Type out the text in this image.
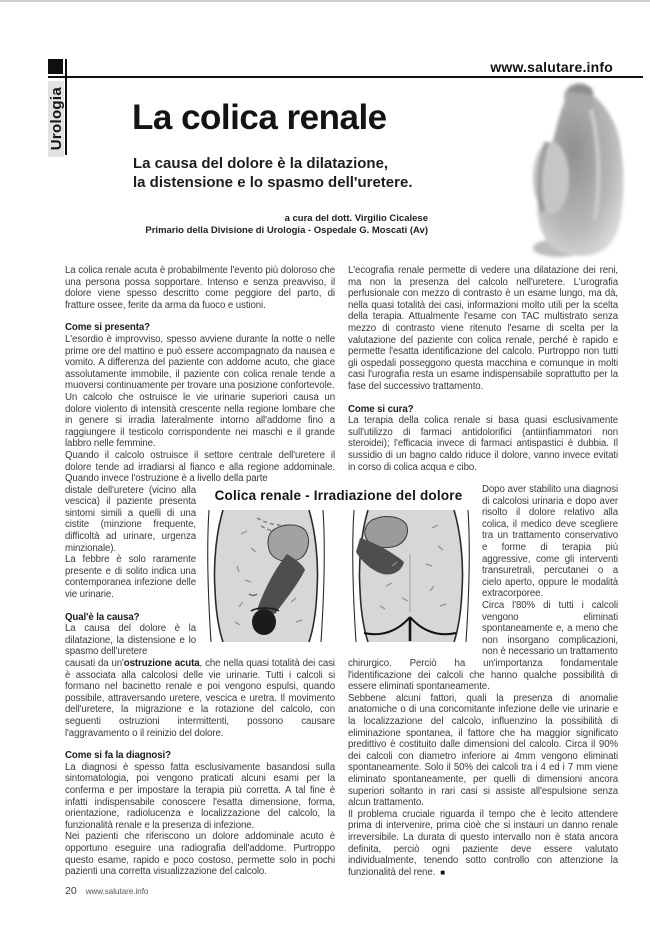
www.salutare.info
Urologia La colica renale
La causa del dolore è la dilatazione,
la distensione e lo spasmo dell'uretere.
a cura del dott. Virgilio Cicalese
Primario della Divisione di Urologia - Ospedale G. Moscati (Av)

La colica renale acuta è probabilmente l'evento più doloroso che una persona possa sopportare. Intenso e senza preavviso, il dolore viene spesso descritto come peggiore del parto, di fratture ossee, ferite da arma da fuoco e ustioni.

Come si presenta?

L'esordio è improvviso, spesso avviene durante la notte o nelle prime ore del mattino e può essere accompagnato da nausea e vomito. A differenza del paziente con addome acuto, che giace assolutamente immobile, il paziente con colica renale tende a muoversi continuamente per trovare una posizione confortevole.

Un calcolo che ostruisce le vie urinarie superiori causa un dolore violento di intensità crescente nella regione lombare che in genere si irradia lateralmente intorno all'addome fino a raggiungere il testicolo corrispondente nei maschi e il grande labbro nelle femmine.

Quando il calcolo ostruisce il settore centrale dell'uretere il dolore tende ad irradiarsi al fianco e alla regione addominale. Quando invece l'ostruzione è a livello della parte

distale dell'uretere (vicino alla vescica) il paziente presenta sintomi simili a quelli di una cistite (minzione frequente, difficoltà ad urinare, urgenza minzionale).

La febbre è solo raramente presente e di solito indica una contemporanea infezione delle vie urinarie.

Qual'è la causa?

La causa del dolore è la dilatazione, la distensione e lo spasmo dell'uretere

causati da un'ostruzione acuta, che nella quasi totalità dei casi è associata alla calcolosi delle vie urinarie. Tutti i calcoli si formano nel bacinetto renale e poi vengono espulsi, quando possibile, attraversando uretere, vescica e uretra. Il movimento dell'uretere, la migrazione e la rotazione del calcolo, con seguenti ostruzioni intermittenti, possono causare l'aggravamento o il reinizio del dolore.

Come si fa la diagnosi?

La diagnosi è spesso fatta esclusivamente basandosi sulla sintomatologia, poi vengono praticati alcuni esami per la conferma e per impostare la terapia più corretta. A tal fine è infatti indispensabile conoscere l'esatta dimensione, forma, orientazione, radiolucenza e localizzazione del calcolo, la funzionalità renale e la presenza di infezione.

Nei pazienti che riferiscono un dolore addominale acuto è opportuno eseguire una radiografia dell'addome. Purtroppo questo esame, rapido e poco costoso, permette solo in pochi pazienti una corretta visualizzazione del calcolo.

L'ecografia renale permette di vedere una dilatazione dei reni, ma non la presenza del calcolo nell'uretere. L'urografia perfusionale con mezzo di contrasto è un esame lungo, ma dà, nella quasi totalità dei casi, informazioni molto utili per la scelta della terapia. Attualmente l'esame con TAC multistrato senza mezzo di contrasto viene ritenuto l'esame di scelta per la valutazione del paziente con colica renale, perché è rapido e permette l'esatta identificazione del calcolo. Purtroppo non tutti gli ospedali posseggono questa macchina e comunque in molti casi l'urografia resta un esame indispensabile soprattutto per la fase del successivo trattamento.

Come si cura?

La terapia della colica renale si basa quasi esclusivamente sull'utilizzo di farmaci antidolorifici (antiinfiammatori non steroidei); l'efficacia invece di farmaci antispastici è dubbia. Il sussidio di un bagno caldo riduce il dolore, vanno invece evitati in corso di colica acqua e cibo.

Dopo aver stabilito una diagnosi di calcolosi urinaria e dopo aver risolto il dolore relativo alla colica, il medico deve scegliere tra un trattamento conservativo e forme di terapia più aggressive, come gli interventi transuretrali, percutanei o a cielo aperto, oppure le modalità extracorporee.

Circa l'80% di tutti i calcoli vengono eliminati spontaneamente e, a meno che non insorgano complicazioni, non è necessario un trattamento

chirurgico. Perciò ha un'importanza fondamentale l'identificazione dei calcoli che hanno qualche possibilità di essere eliminati spontaneamente.

Sebbene alcuni fattori, quali la presenza di anomalie anatomiche o di una concomitante infezione delle vie urinarie e la localizzazione del calcolo, influenzino la possibilità di eliminazione spontanea, il fattore che ha maggior significato predittivo è costituito dalle dimensioni del calcolo. Circa il 90% dei calcoli con diametro inferiore ai 4mm vengono eliminati spontaneamente. Solo il 50% dei calcoli tra i 4 ed i 7 mm viene eliminato spontaneamente, per quelli di dimensioni ancora superiori soltanto in rari casi si assiste all'espulsione senza alcun trattamento.

Il problema cruciale riguarda il tempo che è lecito attendere prima di intervenire, prima cioè che si instauri un danno renale irreversibile. La durata di questo intervallo non è stata ancora definita, perciò ogni paziente deve essere valutato individualmente, tenendo sotto controllo con attenzione la funzionalità del rene. ■

Colica renale - Irradiazione del dolore
20 www.salutare.info
